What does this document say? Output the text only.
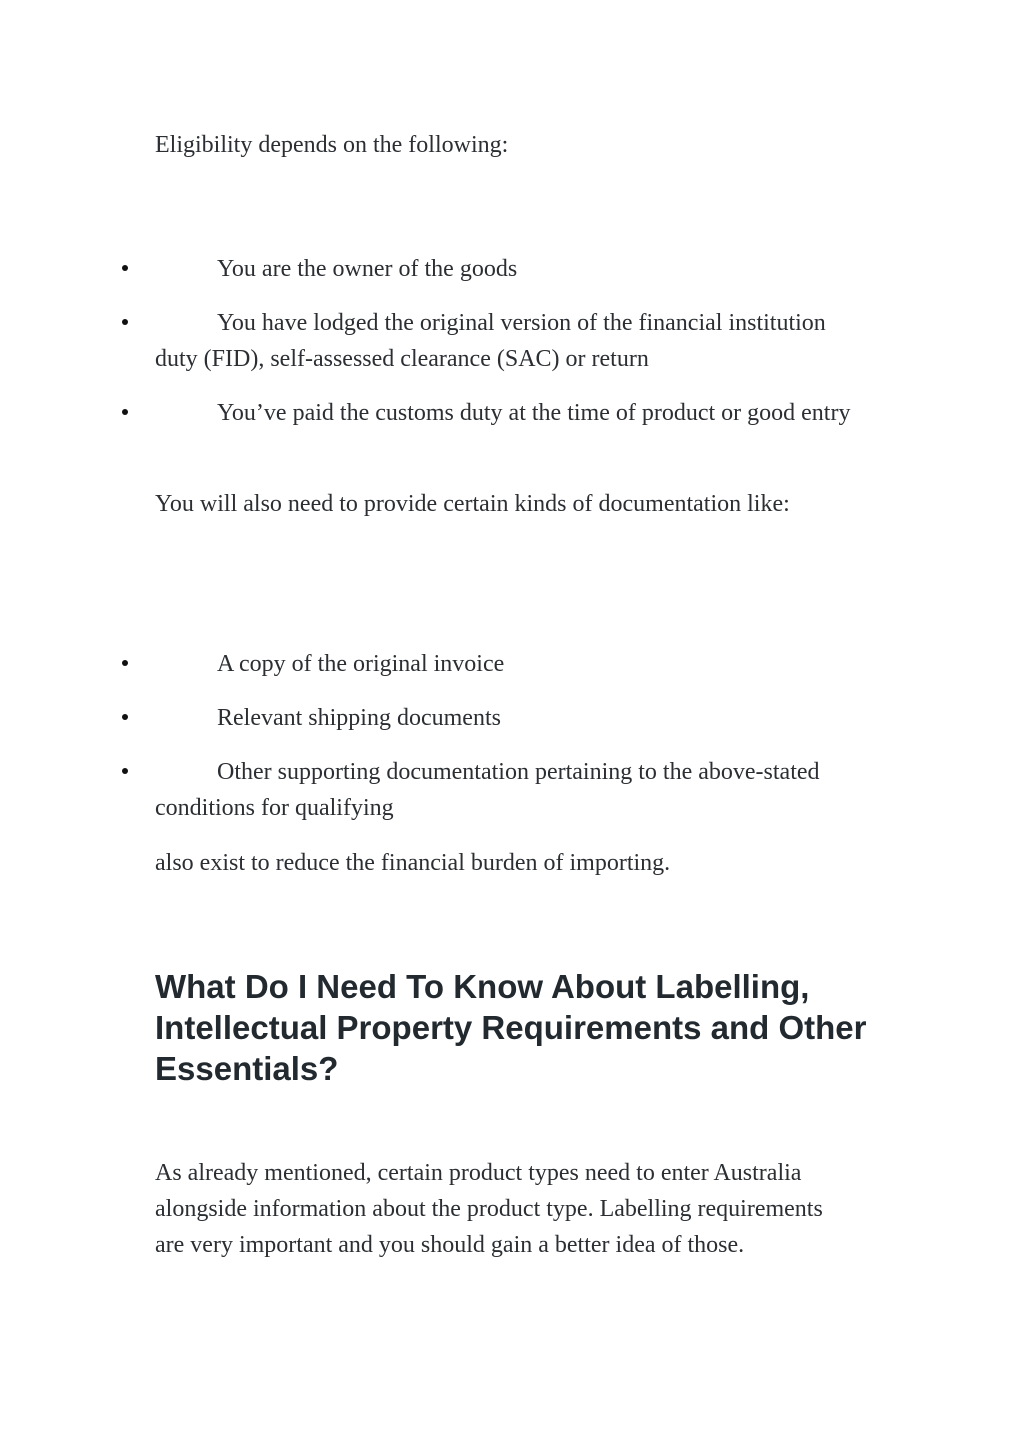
Eligibility depends on the following:

You are the owner of the goods

You have lodged the original version of the financial institution duty (FID), self-assessed clearance (SAC) or return

You’ve paid the customs duty at the time of product or good entry

You will also need to provide certain kinds of documentation like:

A copy of the original invoice

Relevant shipping documents

Other supporting documentation pertaining to the above-stated conditions for qualifying

also exist to reduce the financial burden of importing.

What Do I Need To Know About Labelling, Intellectual Property Requirements and Other Essentials?

As already mentioned, certain product types need to enter Australia alongside information about the product type. Labelling requirements are very important and you should gain a better idea of those.
